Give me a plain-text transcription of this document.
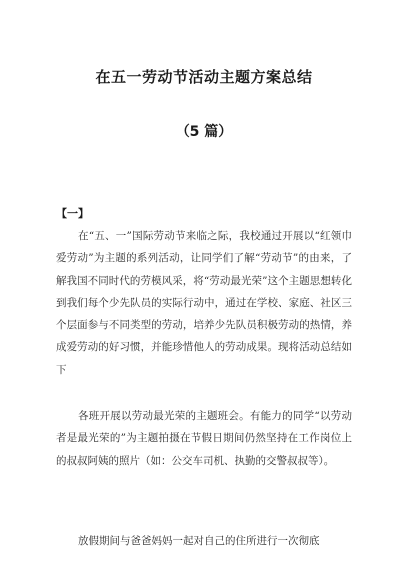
在五一劳动节活动主题方案总结
（5 篇）
【一】

在“五、一”国际劳动节来临之际，我校通过开展以“红领巾爱劳动”为主题的系列活动，让同学们了解“劳动节”的由来，了解我国不同时代的劳模风采，将“劳动最光荣”这个主题思想转化到我们每个少先队员的实际行动中，通过在学校、家庭、社区三个层面参与不同类型的劳动，培养少先队员积极劳动的热情，养成爱劳动的好习惯，并能珍惜他人的劳动成果。现将活动总结如下

各班开展以劳动最光荣的主题班会。有能力的同学“以劳动者是最光荣的”为主题拍摄在节假日期间仍然坚持在工作岗位上的叔叔阿姨的照片（如：公交车司机、执勤的交警叔叔等）。

放假期间与爸爸妈妈一起对自己的住所进行一次彻底
